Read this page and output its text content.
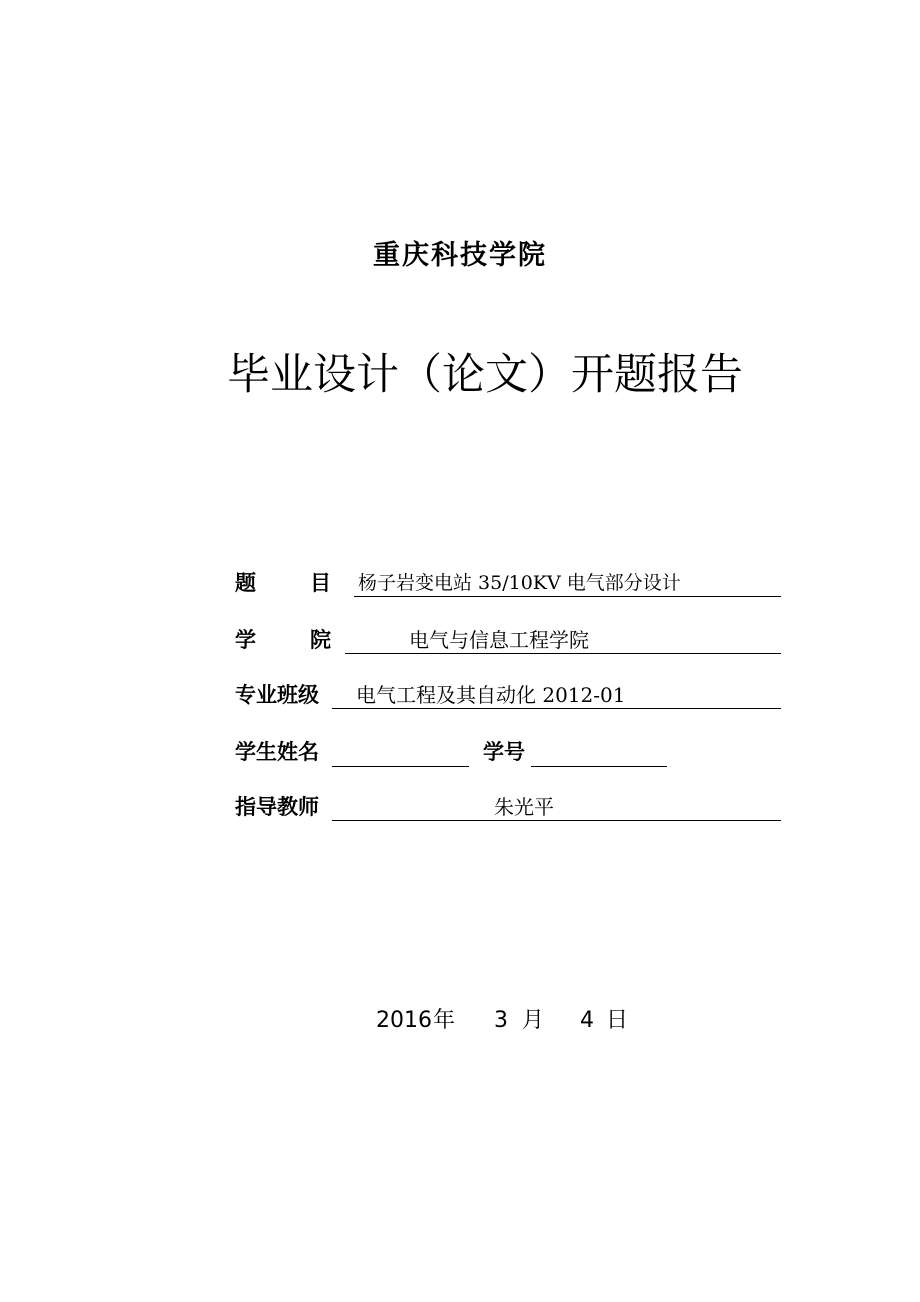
重庆科技学院
毕业设计（论文）开题报告
题	目 杨子岩变电站 35/10KV 电气部分设计
学	院	电气与信息工程学院
专业班级	电气工程及其自动化 2012-01
学生姓名	学号
指导教师	朱光平
2016 年 3 月 4 日
